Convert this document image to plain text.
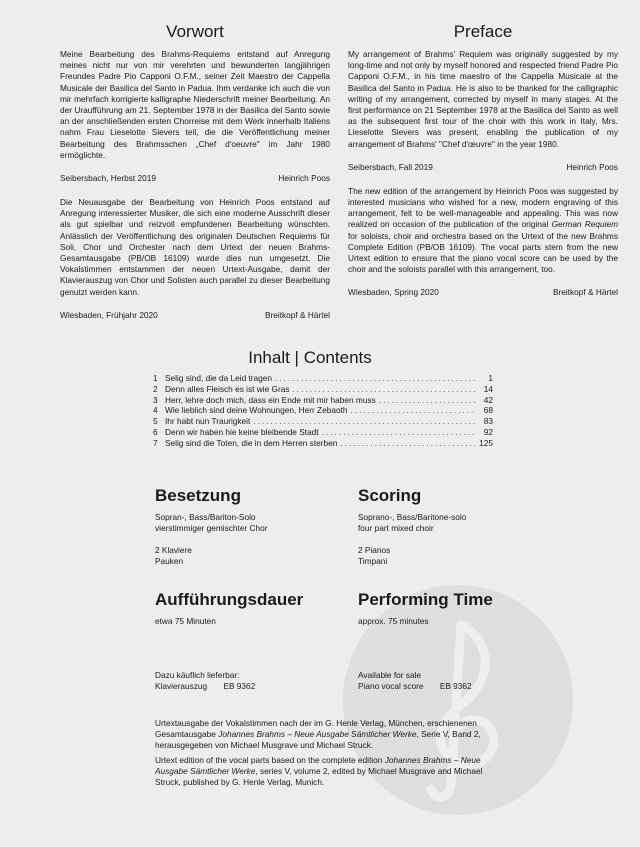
Vorwort

Meine Bearbeitung des Brahms-Requiems entstand auf Anregung meines nicht nur von mir verehrten und bewunderten langjährigen Freundes Padre Pio Capponi O.F.M., seiner Zeit Maestro der Cappella Musicale der Basilica del Santo in Padua. Ihm verdanke ich auch die von mir mehrfach korrigierte kalligraphe Niederschrift meiner Bearbeitung. An der Uraufführung am 21. September 1978 in der Basilica del Santo sowie an der anschließenden ersten Chorreise mit dem Werk innerhalb Italiens nahm Frau Lieselotte Sievers teil, die die Veröffentlichung meiner Bearbeitung des Brahmsschen „Chef d'oeuvre" im Jahr 1980 ermöglichte.

Seibersbach, Herbst 2019	Heinrich Poos

Die Neuausgabe der Bearbeitung von Heinrich Poos entstand auf Anregung interessierter Musiker, die sich eine moderne Ausschrift dieser als gut spielbar und reizvoll empfundenen Bearbeitung wünschten. Anlässlich der Veröffentlichung des originalen Deutschen Requiems für Soli, Chor und Orchester nach dem Urtext der neuen Brahms-Gesamtausgabe (PB/OB 16109) wurde dies nun umgesetzt. Die Vokalstimmen entstammen der neuen Urtext-Ausgabe, damit der Klavierauszug von Chor und Solisten auch parallel zu dieser Bearbeitung genutzt werden kann.

Wiesbaden, Frühjahr 2020	Breitkopf & Härtel
Preface

My arrangement of Brahms' Requiem was originally suggested by my long-time and not only by myself honored and respected friend Padre Pio Capponi O.F.M., in his time maestro of the Cappella Musicale at the Basilica del Santo in Padua. He is also to be thanked for the calligraphic writing of my arrangement, corrected by myself in many stages. At the first performance on 21 September 1978 at the Basilica del Santo as well as the subsequent first tour of the choir with this work in Italy, Mrs. Lieselotte Sievers was present, enabling the publication of my arrangement of Brahms' "Chef d'œuvre" in the year 1980.

Seibersbach, Fall 2019	Heinrich Poos

The new edition of the arrangement by Heinrich Poos was suggested by interested musicians who wished for a new, modern engraving of this arrangement, felt to be well-manageable and appealing. This was now realized on occasion of the publication of the original German Requiem for soloists, choir and orchestra based on the Urtext of the new Brahms Complete Edition (PB/OB 16109). The vocal parts stem from the new Urtext edition to ensure that the piano vocal score can be used by the choir and the soloists parallel with this arrangement, too.

Wiesbaden, Spring 2020	Breitkopf & Härtel
Inhalt | Contents
1 Selig sind, die da Leid tragen .....	1
2 Denn alles Fleisch es ist wie Gras .....	14
3 Herr, lehre doch mich, dass ein Ende mit mir haben muss .....	42
4 Wie lieblich sind deine Wohnungen, Herr Zebaoth .....	68
5 Ihr habt nun Traurigkeit .....	83
6 Denn wir haben hie keine bleibende Stadt .....	92
7 Selig sind die Toten, die in dem Herren sterben .....	125
Besetzung

Sopran-, Bass/Bariton-Solo

vierstimmiger gemischter Chor

2 Klaviere

Pauken

Scoring

Soprano-, Bass/Baritone-solo

four part mixed choir

2 Pianos

Timpani

Aufführungsdauer

etwa 75 Minuten

Performing Time

approx. 75 minutes

Dazu käuflich lieferbar:

Klavierauszug EB 9362

Available for sale

Piano vocal score EB 9362

Urtextausgabe der Vokalstimmen nach der im G. Henle Verlag, München, erschienenen Gesamtausgabe Johannes Brahms – Neue Ausgabe Sämtlicher Werke, Serie V, Band 2, herausgegeben von Michael Musgrave und Michael Struck.

Urtext edition of the vocal parts based on the complete edition Johannes Brahms – Neue Ausgabe Sämtlicher Werke, series V, volume 2, edited by Michael Musgrave and Michael Struck, published by G. Henle Verlag, Munich.
